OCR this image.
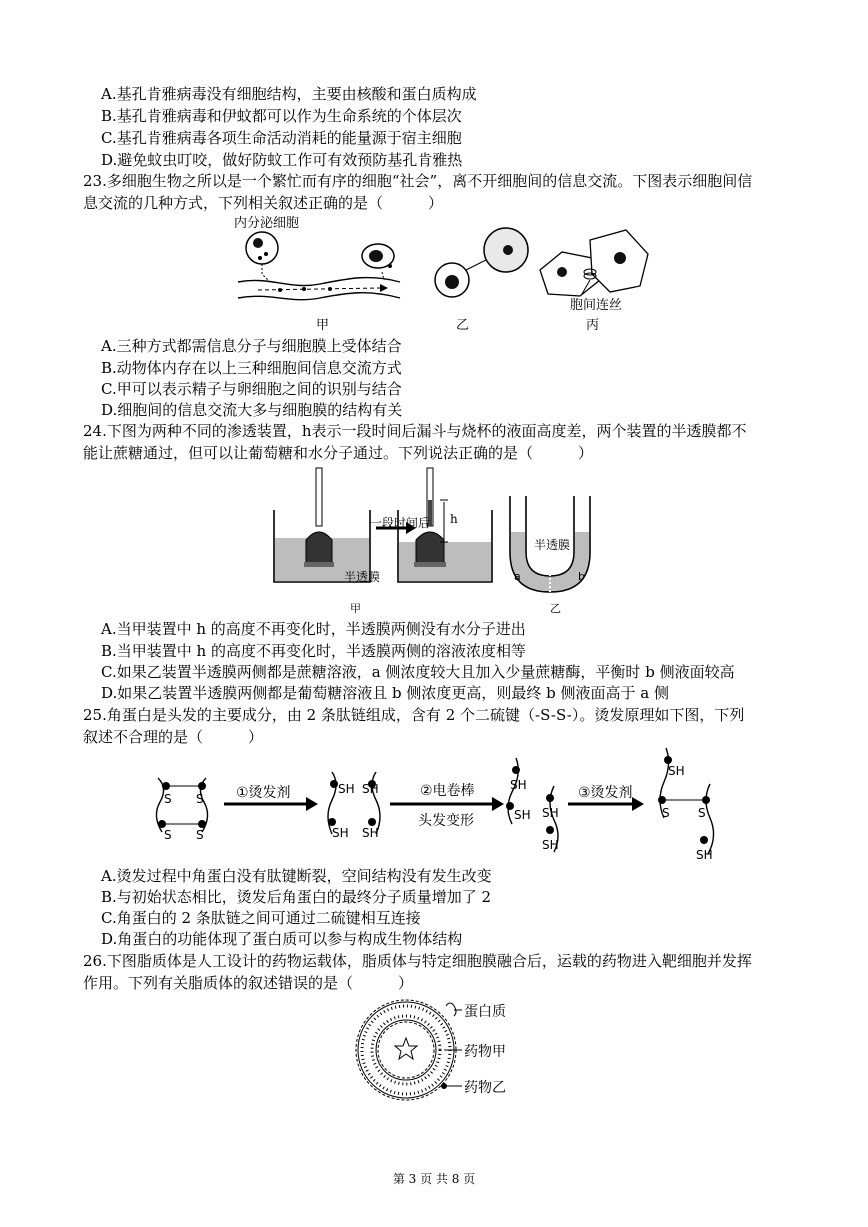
A.基孔肯雅病毒没有细胞结构，主要由核酸和蛋白质构成
B.基孔肯雅病毒和伊蚊都可以作为生命系统的个体层次
C.基孔肯雅病毒各项生命活动消耗的能量源于宿主细胞
D.避免蚊虫叮咬，做好防蚊工作可有效预防基孔肯雅热
23.多细胞生物之所以是一个繁忙而有序的细胞“社会”，离不开细胞间的信息交流。下图表示细胞间信
息交流的几种方式，下列相关叙述正确的是（　　　）
内分泌细胞
胞间连丝
甲	乙	丙
A.三种方式都需信息分子与细胞膜上受体结合
B.动物体内存在以上三种细胞间信息交流方式
C.甲可以表示精子与卵细胞之间的识别与结合
D.细胞间的信息交流大多与细胞膜的结构有关
24.下图为两种不同的渗透装置，h表示一段时间后漏斗与烧杯的液面高度差，两个装置的半透膜都不
能让蔗糖通过，但可以让葡萄糖和水分子通过。下列说法正确的是（　　　）
一段时间后 h
半透膜
半透膜
a	b
甲	乙
A.当甲装置中 h 的高度不再变化时，半透膜两侧没有水分子进出
B.当甲装置中 h 的高度不再变化时，半透膜两侧的溶液浓度相等
C.如果乙装置半透膜两侧都是蔗糖溶液，a 侧浓度较大且加入少量蔗糖酶，平衡时 b 侧液面较高
D.如果乙装置半透膜两侧都是葡萄糖溶液且 b 侧浓度更高，则最终 b 侧液面高于 a 侧
25.角蛋白是头发的主要成分，由 2 条肽链组成，含有 2 个二硫键（-S-S-）。烫发原理如下图，下列
叙述不合理的是（　　　）
S S
S S
①烫发剂	SH
SH
SH
SH
②电卷棒
头发变形
SH
SH SH
SH
③烫发剂
SH
S S
SH
A.烫发过程中角蛋白没有肽键断裂，空间结构没有发生改变
B.与初始状态相比，烫发后角蛋白的最终分子质量增加了 2
C.角蛋白的 2 条肽链之间可通过二硫键相互连接
D.角蛋白的功能体现了蛋白质可以参与构成生物体结构
26.下图脂质体是人工设计的药物运载体，脂质体与特定细胞膜融合后，运载的药物进入靶细胞并发挥
作用。下列有关脂质体的叙述错误的是（　　　）
蛋白质
药物甲
药物乙
第 3 页 共 8 页
